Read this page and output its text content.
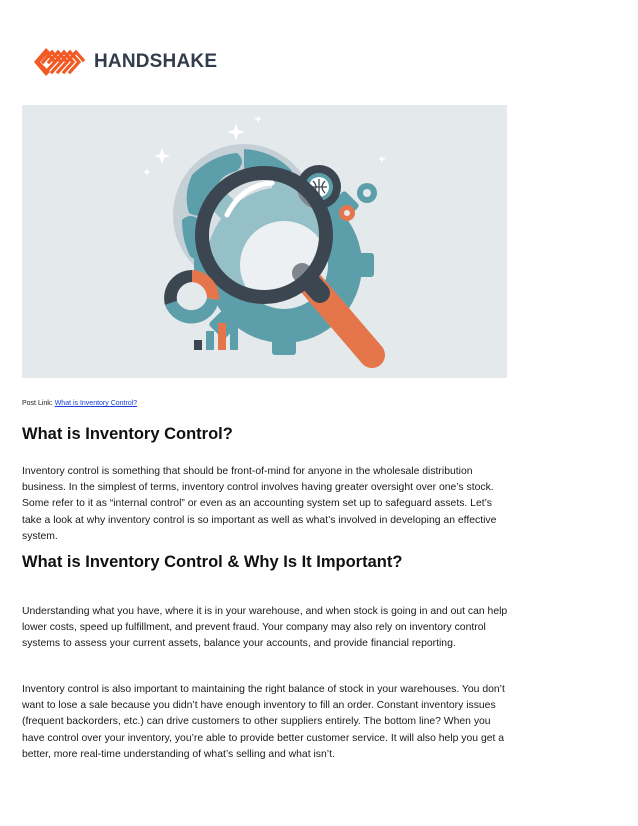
HANDSHAKE
Post Link: What is Inventory Control?
What is Inventory Control?

Inventory control is something that should be front-of-mind for anyone in the wholesale distribution business. In the simplest of terms, inventory control involves having greater oversight over one’s stock. Some refer to it as “internal control” or even as an accounting system set up to safeguard assets. Let’s take a look at why inventory control is so important as well as what’s involved in developing an effective system.

What is Inventory Control & Why Is It Important?

Understanding what you have, where it is in your warehouse, and when stock is going in and out can help lower costs, speed up fulfillment, and prevent fraud. Your company may also rely on inventory control systems to assess your current assets, balance your accounts, and provide financial reporting.

Inventory control is also important to maintaining the right balance of stock in your warehouses. You don’t want to lose a sale because you didn’t have enough inventory to fill an order. Constant inventory issues (frequent backorders, etc.) can drive customers to other suppliers entirely. The bottom line? When you have control over your inventory, you’re able to provide better customer service. It will also help you get a better, more real-time understanding of what’s selling and what isn’t.
